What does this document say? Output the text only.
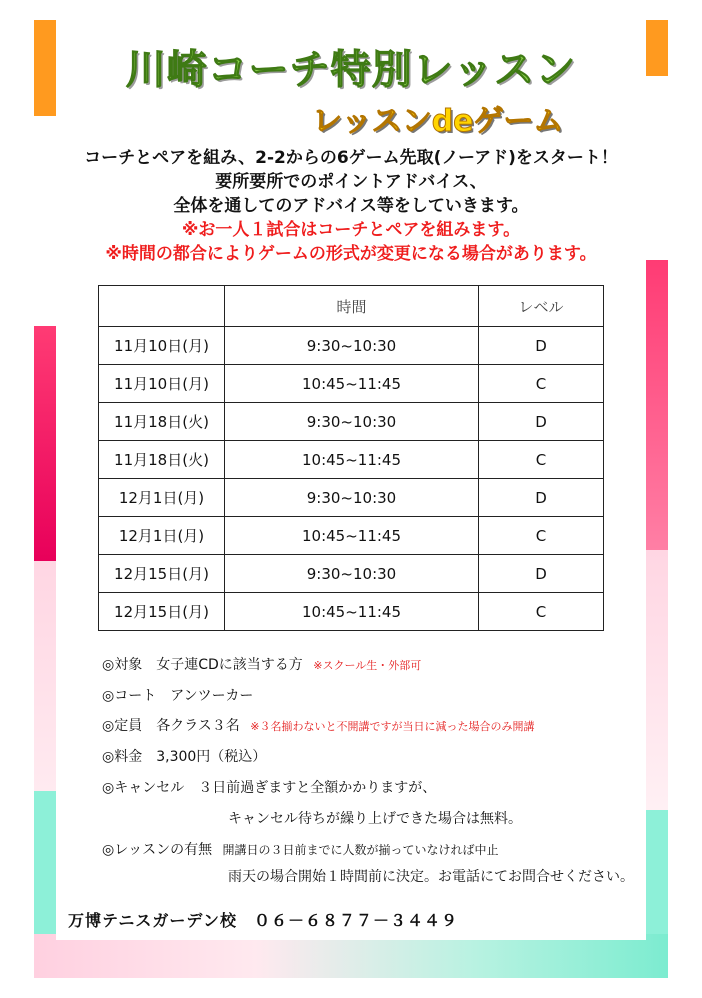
川崎コーチ特別レッスン
レッスンdeゲーム
コーチとペアを組み、2-2からの6ゲーム先取(ノーアド)をスタート！
要所要所でのポイントアドバイス、
全体を通してのアドバイス等をしていきます。
※お一人１試合はコーチとペアを組みます。
※時間の都合によりゲームの形式が変更になる場合があります。
	時間	レベル
11月10日(月)	9:30~10:30	D
11月10日(月)	10:45~11:45	C
11月18日(火)	9:30~10:30	D
11月18日(火)	10:45~11:45	C
12月1日(月)	9:30~10:30	D
12月1日(月)	10:45~11:45	C
12月15日(月)	9:30~10:30	D
12月15日(月)	10:45~11:45	C
◎対象　女子連CDに該当する方 ※スクール生・外部可
◎コート　アンツーカー
◎定員　各クラス３名 ※３名揃わないと不開講ですが当日に減った場合のみ開講
◎料金　3,300円（税込）
◎キャンセル　３日前過ぎますと全額かかりますが、
キャンセル待ちが繰り上げできた場合は無料。
◎レッスンの有無 開講日の３日前までに人数が揃っていなければ中止
雨天の場合開始１時間前に決定。お電話にてお問合せください。
万博テニスガーデン校　０６－６８７７－３４４９
